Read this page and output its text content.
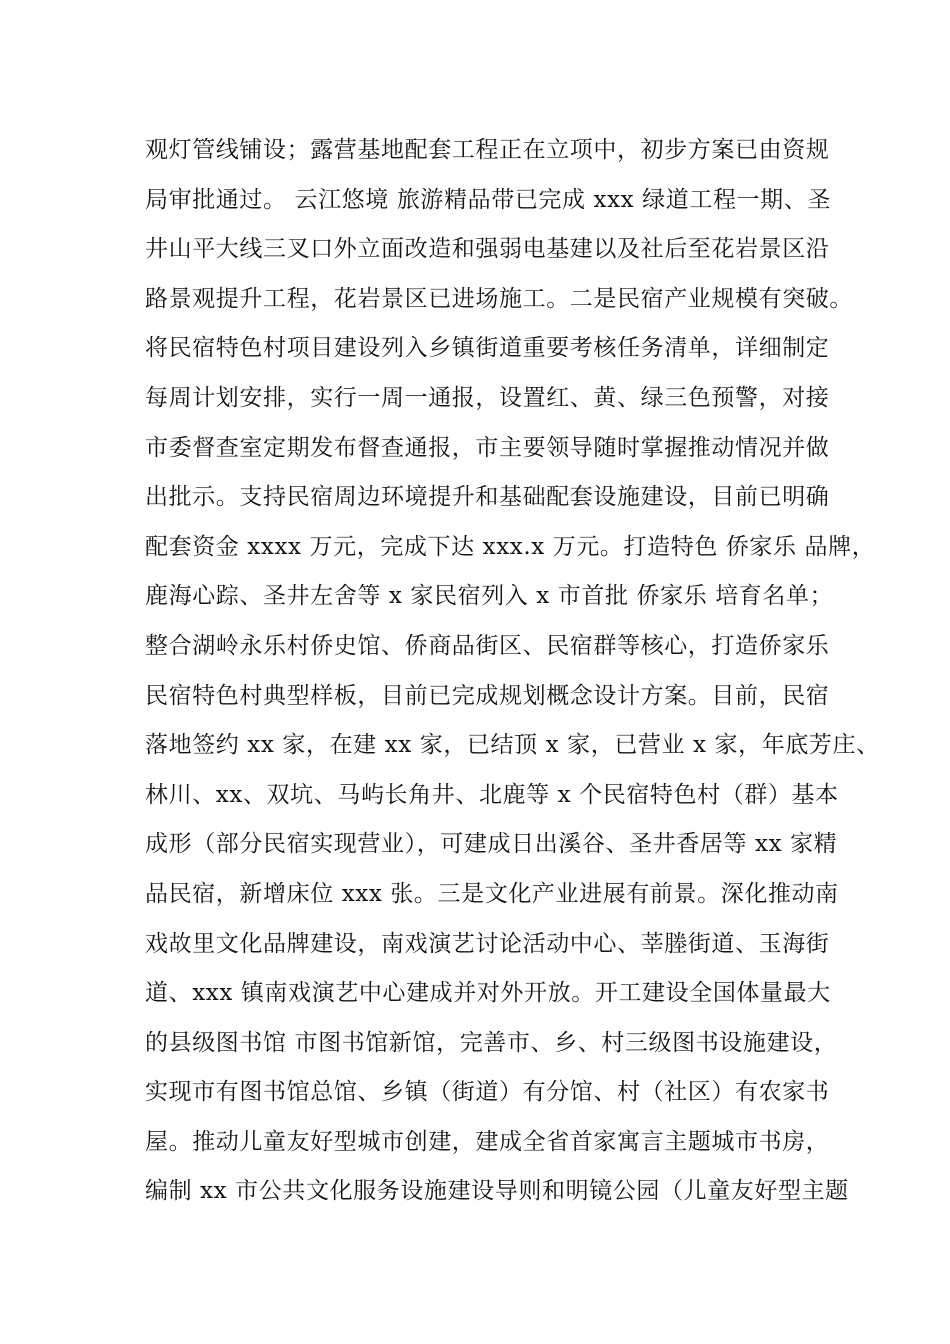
观灯管线铺设；露营基地配套工程正在立项中，初步方案已由资规
局审批通过。 云江悠境 旅游精品带已完成 xxx 绿道工程一期、圣
井山平大线三叉口外立面改造和强弱电基建以及社后至花岩景区沿
路景观提升工程，花岩景区已进场施工。二是民宿产业规模有突破。
将民宿特色村项目建设列入乡镇街道重要考核任务清单，详细制定
每周计划安排，实行一周一通报，设置红、黄、绿三色预警，对接
市委督查室定期发布督查通报，市主要领导随时掌握推动情况并做
出批示。支持民宿周边环境提升和基础配套设施建设，目前已明确
配套资金 xxxx 万元，完成下达 xxx.x 万元。打造特色 侨家乐 品牌，
鹿海心踪、圣井左舍等 x 家民宿列入 x 市首批 侨家乐 培育名单；
整合湖岭永乐村侨史馆、侨商品街区、民宿群等核心，打造侨家乐
民宿特色村典型样板，目前已完成规划概念设计方案。目前，民宿
落地签约 xx 家，在建 xx 家，已结顶 x 家，已营业 x 家，年底芳庄、
林川、xx、双坑、马屿长角井、北鹿等 x 个民宿特色村（群）基本
成形（部分民宿实现营业），可建成日出溪谷、圣井香居等 xx 家精
品民宿，新增床位 xxx 张。三是文化产业进展有前景。深化推动南
戏故里文化品牌建设，南戏演艺讨论活动中心、莘塍街道、玉海街
道、xxx 镇南戏演艺中心建成并对外开放。开工建设全国体量最大
的县级图书馆 市图书馆新馆，完善市、乡、村三级图书设施建设，
实现市有图书馆总馆、乡镇（街道）有分馆、村（社区）有农家书
屋。推动儿童友好型城市创建，建成全省首家寓言主题城市书房，
编制 xx 市公共文化服务设施建设导则和明镜公园（儿童友好型主题
